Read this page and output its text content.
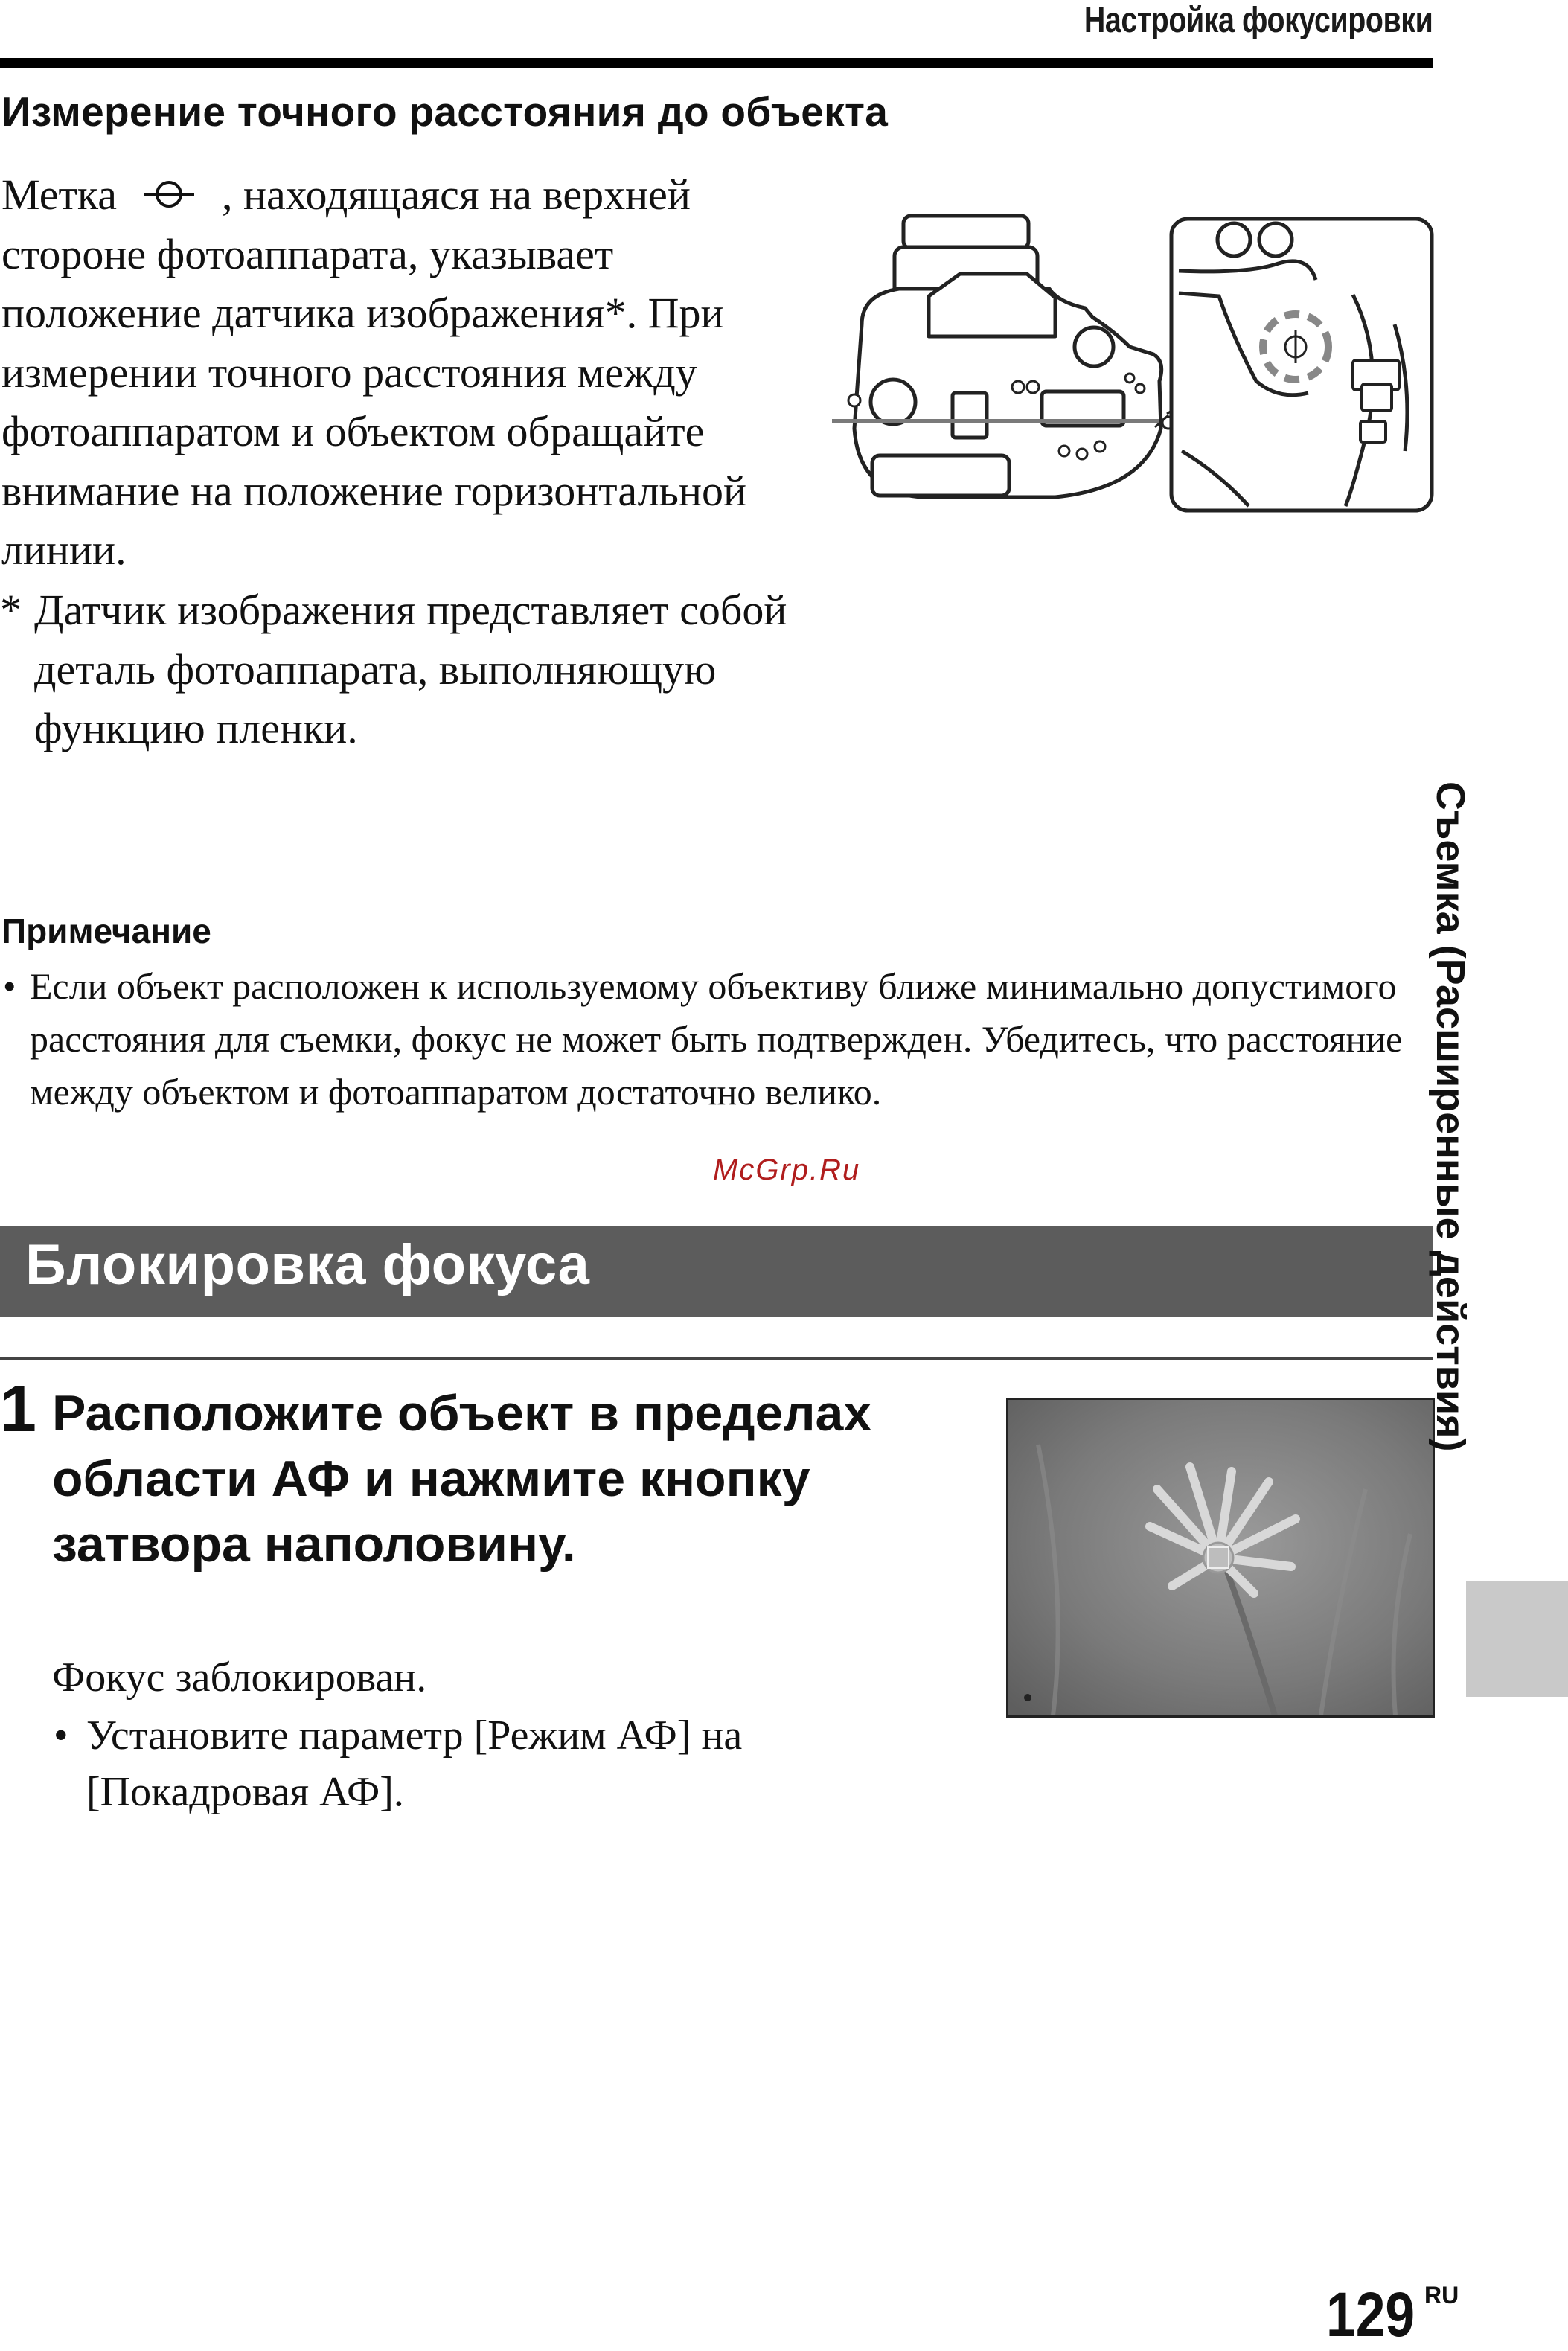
Настройка фокусировки
Измерение точного расстояния до объекта
Метка , находящаяся на верхней стороне фотоаппарата, указывает положение датчика изображения*. При измерении точного расстояния между фотоаппаратом и объектом обращайте внимание на положение горизонтальной линии.
* Датчик изображения представляет собой деталь фотоаппарата, выполняющую функцию пленки.
Примечание
• Если объект расположен к используемому объективу ближе минимально допустимого расстояния для съемки, фокус не может быть подтвержден. Убедитесь, что расстояние между объектом и фотоаппаратом достаточно велико.
McGrp.Ru
Блокировка фокуса
1 Расположите объект в пределах области АФ и нажмите кнопку затвора наполовину.
Фокус заблокирован.
• Установите параметр [Режим АФ] на [Покадровая АФ].
Съемка (Расширенные действия)
129 RU
